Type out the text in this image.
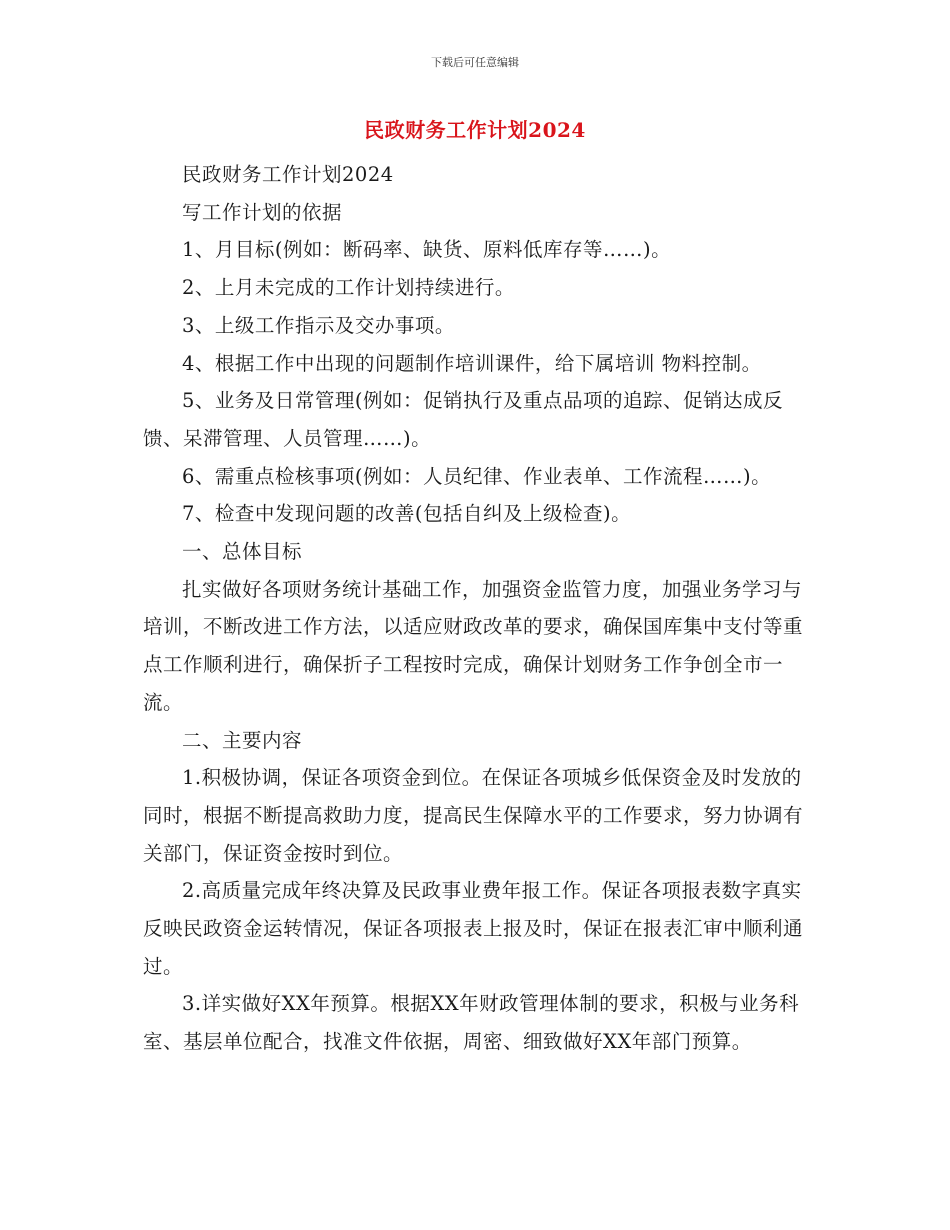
下载后可任意编辑
民政财务工作计划2024

民政财务工作计划2024

写工作计划的依据

1、月目标(例如：断码率、缺货、原料低库存等……)。

2、上月未完成的工作计划持续进行。

3、上级工作指示及交办事项。

4、根据工作中出现的问题制作培训课件，给下属培训 物料控制。

5、业务及日常管理(例如：促销执行及重点品项的追踪、促销达成反馈、呆滞管理、人员管理……)。

6、需重点检核事项(例如：人员纪律、作业表单、工作流程……)。

7、检查中发现问题的改善(包括自纠及上级检查)。

一、总体目标

扎实做好各项财务统计基础工作，加强资金监管力度，加强业务学习与培训，不断改进工作方法，以适应财政改革的要求，确保国库集中支付等重点工作顺利进行，确保折子工程按时完成，确保计划财务工作争创全市一流。

二、主要内容

1.积极协调，保证各项资金到位。在保证各项城乡低保资金及时发放的同时，根据不断提高救助力度，提高民生保障水平的工作要求，努力协调有关部门，保证资金按时到位。

2.高质量完成年终决算及民政事业费年报工作。保证各项报表数字真实反映民政资金运转情况，保证各项报表上报及时，保证在报表汇审中顺利通过。

3.详实做好XX年预算。根据XX年财政管理体制的要求，积极与业务科室、基层单位配合，找准文件依据，周密、细致做好XX年部门预算。
